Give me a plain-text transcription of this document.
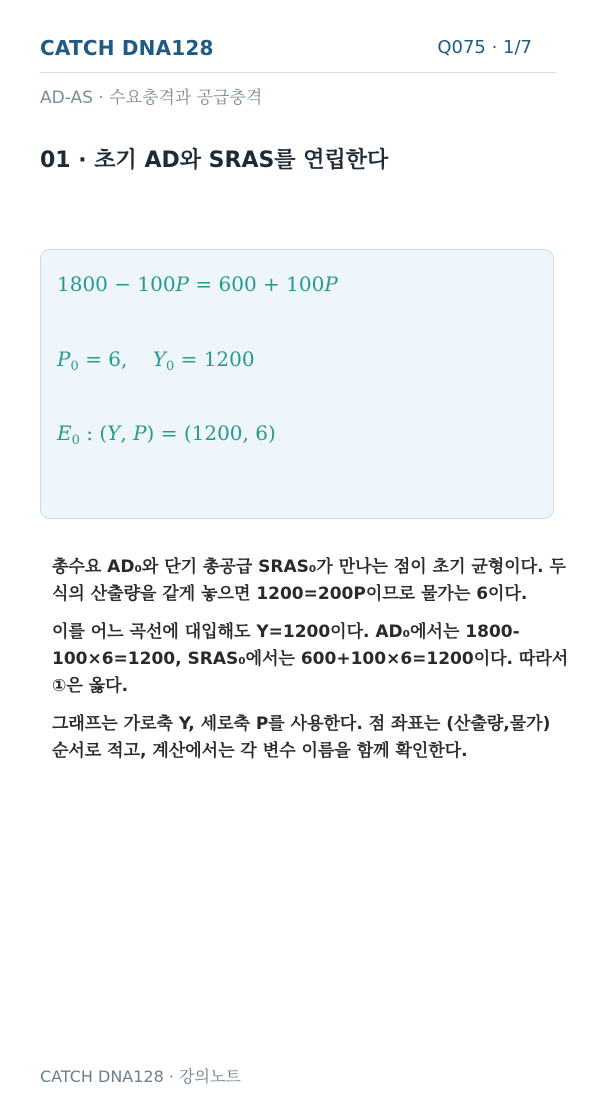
CATCH DNA128	Q075 · 1/7
AD-AS · 수요충격과 공급충격
01 · 초기 AD와 SRAS를 연립한다
1800 − 100P = 600 + 100P
$P_0 = 6$,    $Y_0 = 1200$
$E_0$ : (Y, P) = (1200, 6)

총수요 AD₀와 단기 총공급 SRAS₀가 만나는 점이 초기 균형이다. 두 식의 산출량을 같게 놓으면 1200=200P이므로 물가는 6이다.

이를 어느 곡선에 대입해도 Y=1200이다. AD₀에서는 1800-100×6=1200, SRAS₀에서는 600+100×6=1200이다. 따라서 ①은 옳다.

그래프는 가로축 Y, 세로축 P를 사용한다. 점 좌표는 (산출량,물가) 순서로 적고, 계산에서는 각 변수 이름을 함께 확인한다.

CATCH DNA128 · 강의노트
